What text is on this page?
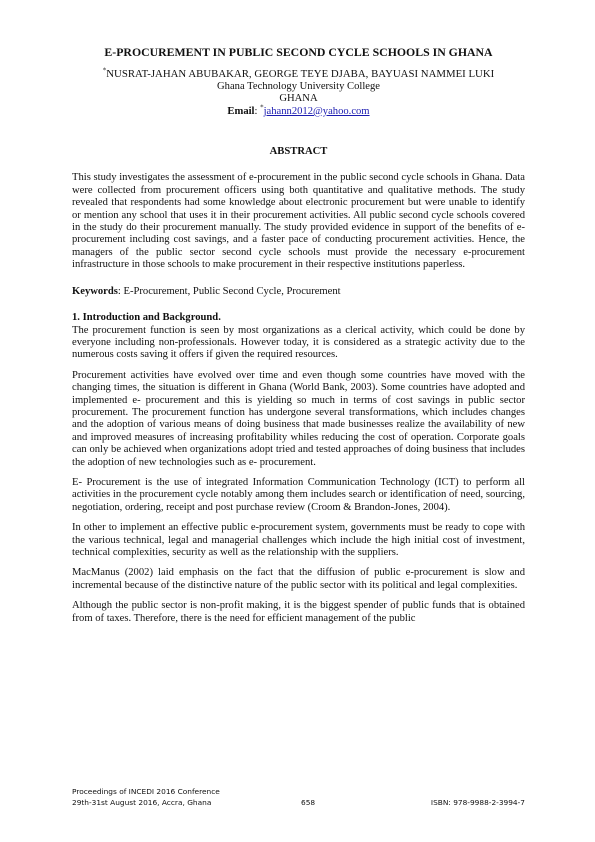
E-PROCUREMENT IN PUBLIC SECOND CYCLE SCHOOLS IN GHANA

*NUSRAT-JAHAN ABUBAKAR, GEORGE TEYE DJABA, BAYUASI NAMMEI LUKI

Ghana Technology University College

GHANA

Email: *jahann2012@yahoo.com

ABSTRACT

This study investigates the assessment of e-procurement in the public second cycle schools in Ghana. Data were collected from procurement officers using both quantitative and qualitative methods. The study revealed that respondents had some knowledge about electronic procurement but were unable to identify or mention any school that uses it in their procurement activities. All public second cycle schools covered in the study do their procurement manually. The study provided evidence in support of the benefits of e-procurement including cost savings, and a faster pace of conducting procurement activities. Hence, the managers of the public sector second cycle schools must provide the necessary e-procurement infrastructure in those schools to make procurement in their respective institutions paperless.

Keywords: E-Procurement, Public Second Cycle, Procurement

1. Introduction and Background.

The procurement function is seen by most organizations as a clerical activity, which could be done by everyone including non-professionals. However today, it is considered as a strategic activity due to the numerous costs saving it offers if given the required resources.

Procurement activities have evolved over time and even though some countries have moved with the changing times, the situation is different in Ghana (World Bank, 2003). Some countries have adopted and implemented e- procurement and this is yielding so much in terms of cost savings in public sector procurement. The procurement function has undergone several transformations, which includes changes and the adoption of various means of doing business that made businesses realize the availability of new and improved measures of increasing profitability whiles reducing the cost of operation. Corporate goals can only be achieved when organizations adopt tried and tested approaches of doing business that includes the adoption of new technologies such as e- procurement.

E- Procurement is the use of integrated Information Communication Technology (ICT) to perform all activities in the procurement cycle notably among them includes search or identification of need, sourcing, negotiation, ordering, receipt and post purchase review (Croom & Brandon-Jones, 2004).

In other to implement an effective public e-procurement system, governments must be ready to cope with the various technical, legal and managerial challenges which include the high initial cost of investment, technical complexities, security as well as the relationship with the suppliers.

MacManus (2002) laid emphasis on the fact that the diffusion of public e-procurement is slow and incremental because of the distinctive nature of the public sector with its political and legal complexities.

Although the public sector is non-profit making, it is the biggest spender of public funds that is obtained from of taxes. Therefore, there is the need for efficient management of the public

Proceedings of INCEDI 2016 Conference
29th-31st August 2016, Accra, Ghana	ISBN: 978-9988-2-3994-7
658
